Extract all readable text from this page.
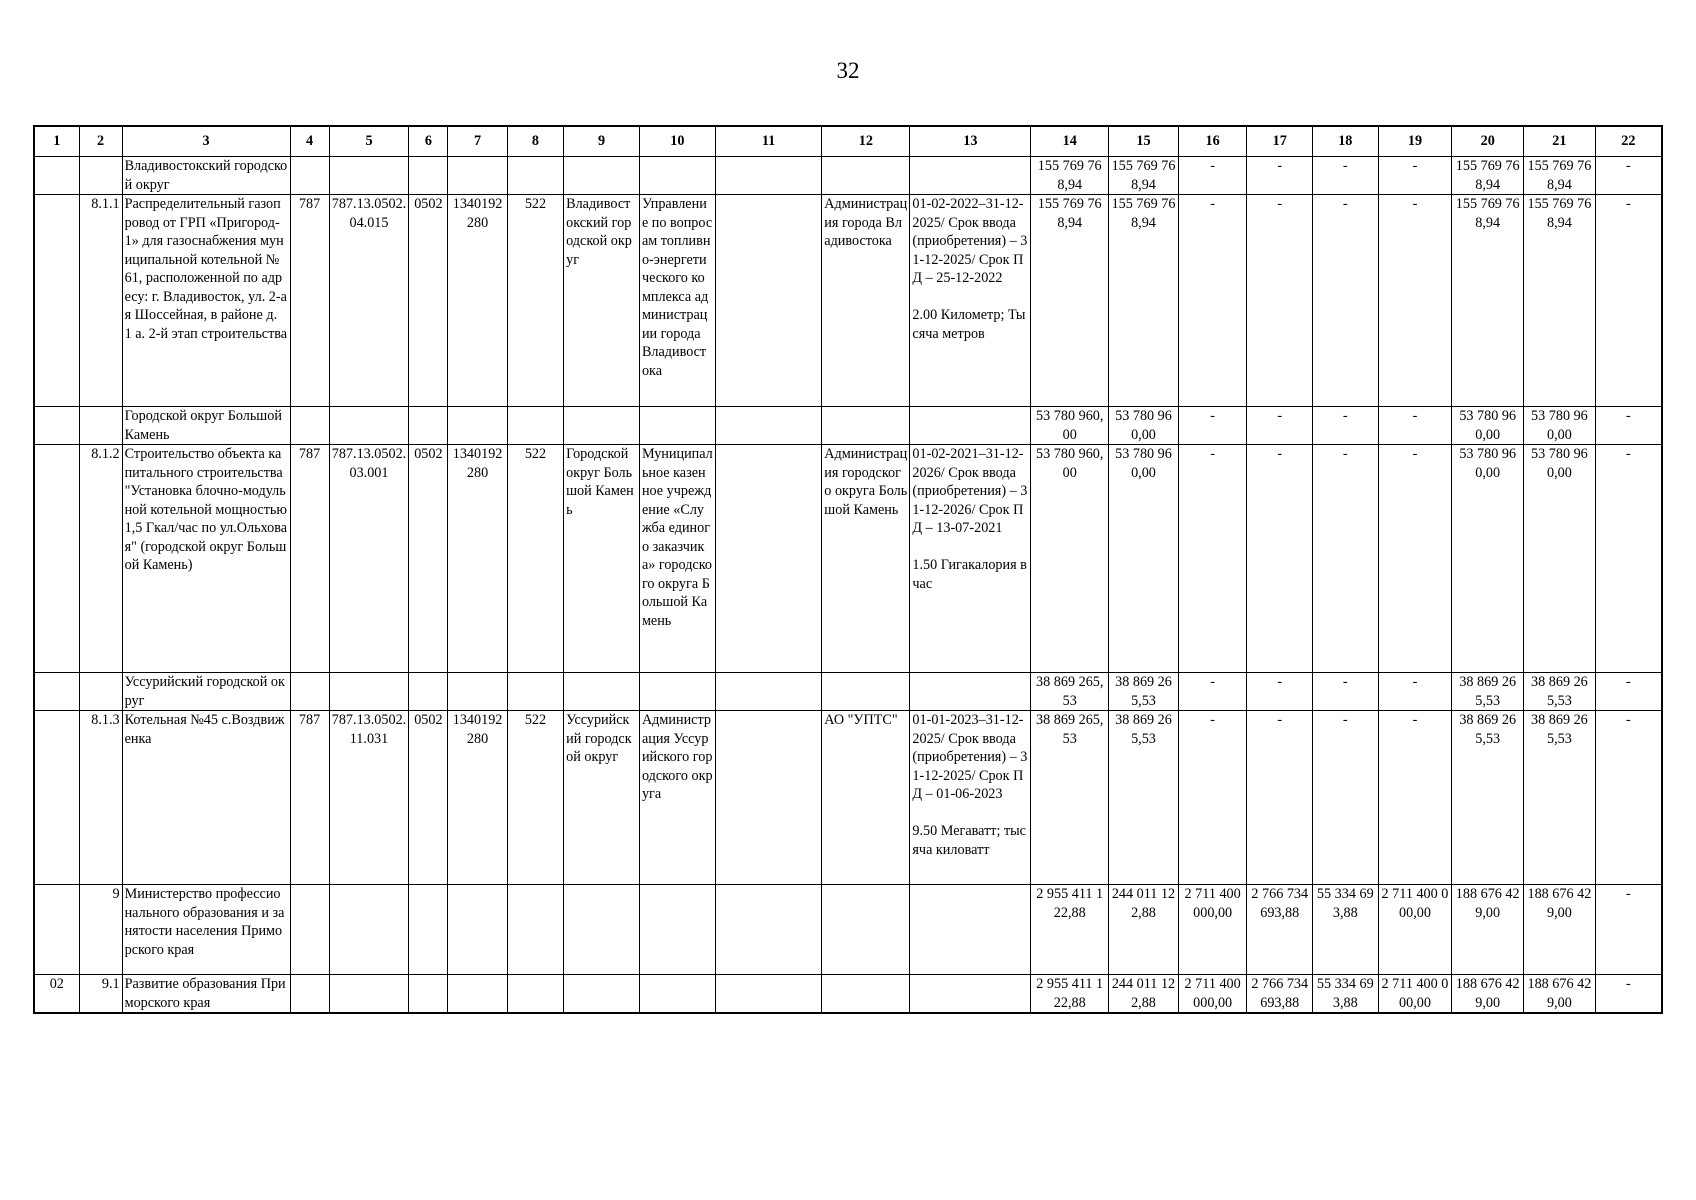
32
1	2	3	4	5	6	7	8	9	10	11	12	13	14	15	16	17	18	19	20	21	22
		Владивостокский городской округ											155 769 768,94	155 769 768,94	-	-	-	-	155 769 768,94	155 769 768,94	-
	8.1.1	Распределительный газопровод от ГРП «Пригород-1» для газоснабжения муниципальной котельной № 61, расположенной по адресу: г. Владивосток, ул. 2-ая Шоссейная, в районе д. 1 а. 2-й этап строительства	787	787.13.0502.04.015	0502	1340192280	522	Владивостокский городской округ	Управление по вопросам топливно-энергетического комплекса администрации города Владивостока		Администрация города Владивостока	01-02-2022–31-12-2025/ Срок ввода (приобретения) – 31-12-2025/ Срок ПД – 25-12-2022
2.00 Километр; Тысяча метров	155 769 768,94	155 769 768,94	-	-	-	-	155 769 768,94	155 769 768,94	-
		Городской округ Большой Камень											53 780 960,00	53 780 960,00	-	-	-	-	53 780 960,00	53 780 960,00	-
	8.1.2	Строительство объекта капитального строительства "Установка блочно-модульной котельной мощностью 1,5 Гкал/час по ул.Ольховая" (городской округ Большой Камень)	787	787.13.0502.03.001	0502	1340192280	522	Городской округ Большой Камень	Муниципальное казенное учреждение «Служба единого заказчика» городского округа Большой Камень		Администрация городского округа Большой Камень	01-02-2021–31-12-2026/ Срок ввода (приобретения) – 31-12-2026/ Срок ПД – 13-07-2021
1.50 Гигакалория в час	53 780 960,00	53 780 960,00	-	-	-	-	53 780 960,00	53 780 960,00	-
		Уссурийский городской округ											38 869 265,53	38 869 265,53	-	-	-	-	38 869 265,53	38 869 265,53	-
	8.1.3	Котельная №45 с.Воздвиженка	787	787.13.0502.11.031	0502	1340192280	522	Уссурийский городской округ	Администрация Уссурийского городского округа		АО "УПТС"	01-01-2023–31-12-2025/ Срок ввода (приобретения) – 31-12-2025/ Срок ПД – 01-06-2023
9.50 Мегаватт; тысяча киловатт	38 869 265,53	38 869 265,53	-	-	-	-	38 869 265,53	38 869 265,53	-
	9	Министерство профессионального образования и занятости населения Приморского края											2 955 411 122,88	244 011 122,88	2 711 400 000,00	2 766 734 693,88	55 334 693,88	2 711 400 000,00	188 676 429,00	188 676 429,00	-
02	9.1	Развитие образования Приморского края											2 955 411 122,88	244 011 122,88	2 711 400 000,00	2 766 734 693,88	55 334 693,88	2 711 400 000,00	188 676 429,00	188 676 429,00	-
